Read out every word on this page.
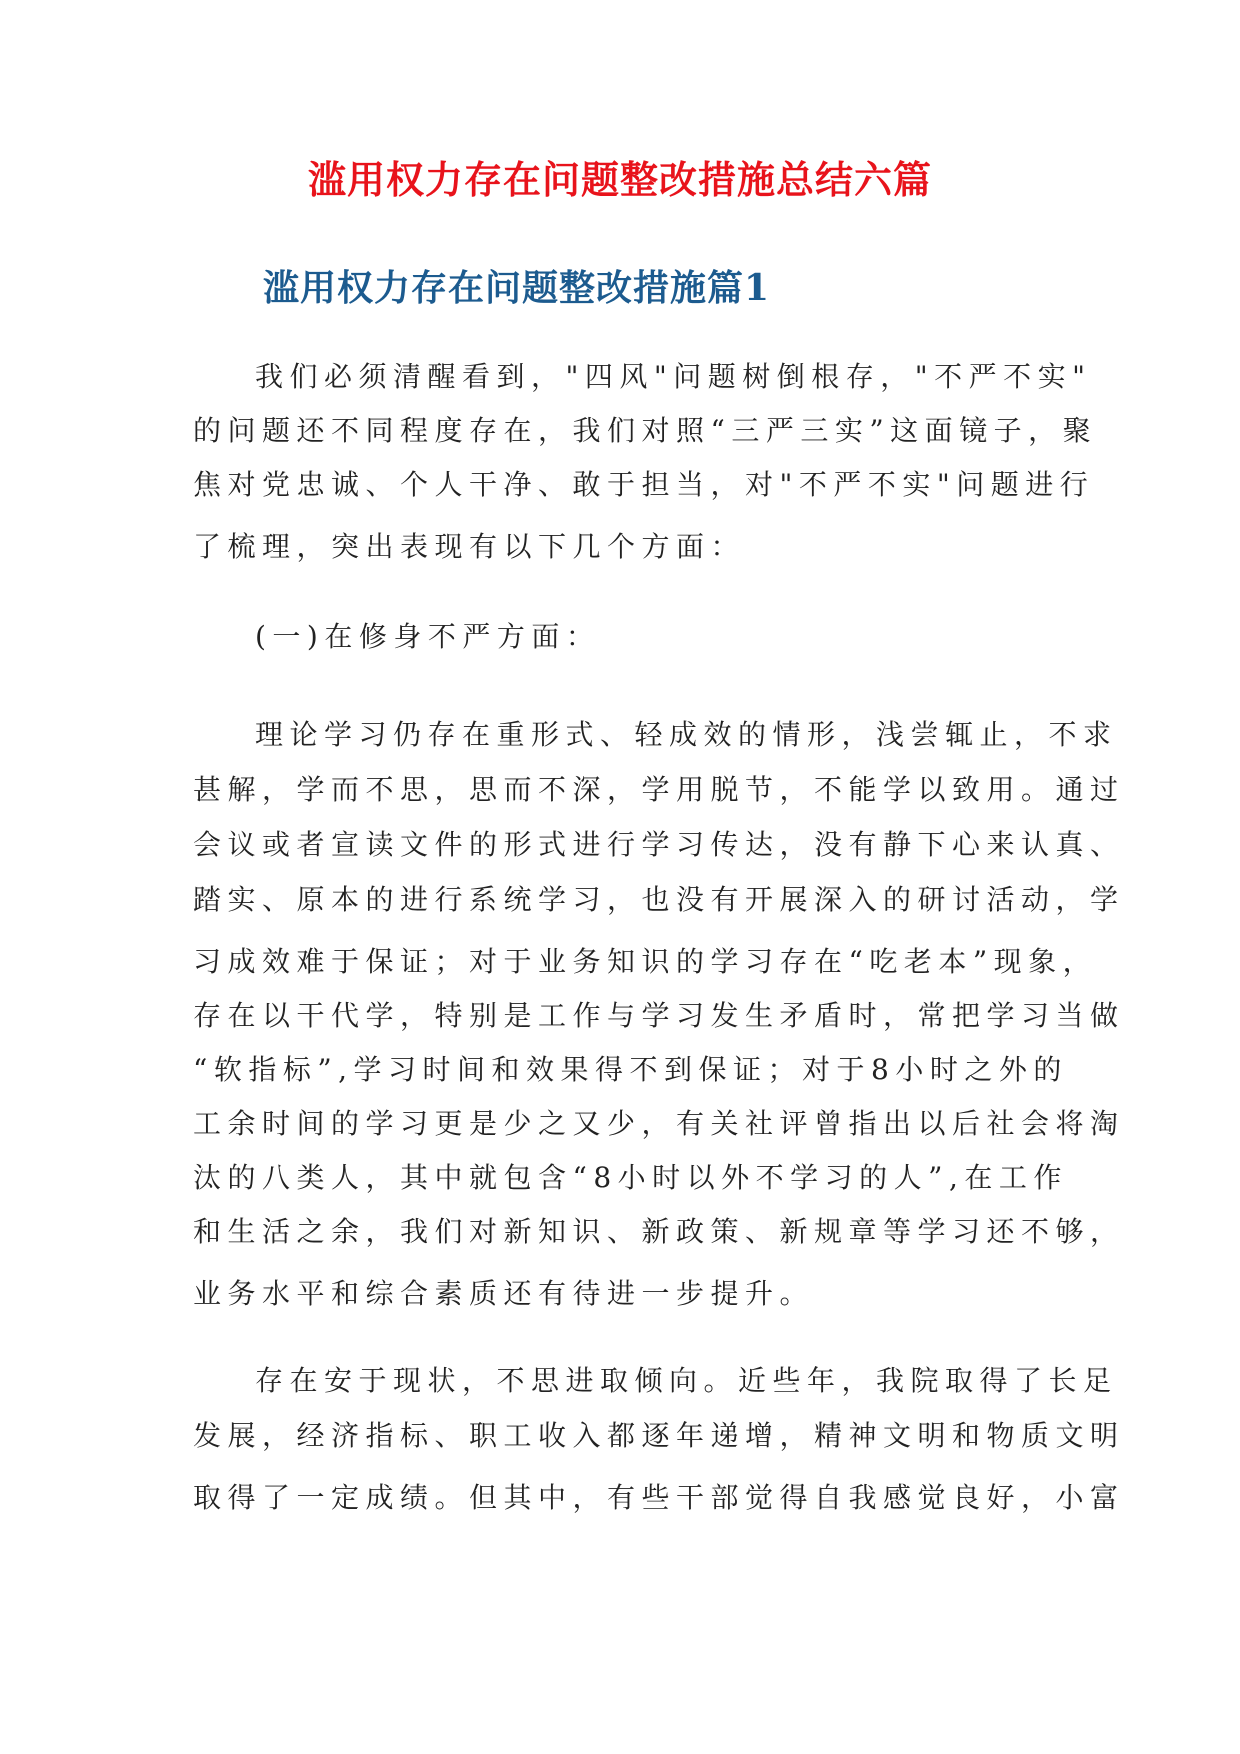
滥用权力存在问题整改措施总结六篇
滥用权力存在问题整改措施篇1
我们必须清醒看到，"四风"问题树倒根存，"不严不实"
的问题还不同程度存在，我们对照“三严三实”这面镜子，聚
焦对党忠诚、个人干净、敢于担当，对"不严不实"问题进行
了梳理，突出表现有以下几个方面：
(一)在修身不严方面：
理论学习仍存在重形式、轻成效的情形，浅尝辄止，不求
甚解，学而不思，思而不深，学用脱节，不能学以致用。通过
会议或者宣读文件的形式进行学习传达，没有静下心来认真、
踏实、原本的进行系统学习，也没有开展深入的研讨活动，学
习成效难于保证；对于业务知识的学习存在“吃老本”现象，
存在以干代学，特别是工作与学习发生矛盾时，常把学习当做
“软指标”,学习时间和效果得不到保证；对于8小时之外的
工余时间的学习更是少之又少，有关社评曾指出以后社会将淘
汰的八类人，其中就包含“8小时以外不学习的人”,在工作
和生活之余，我们对新知识、新政策、新规章等学习还不够，
业务水平和综合素质还有待进一步提升。
存在安于现状，不思进取倾向。近些年，我院取得了长足
发展，经济指标、职工收入都逐年递增，精神文明和物质文明
取得了一定成绩。但其中，有些干部觉得自我感觉良好，小富
